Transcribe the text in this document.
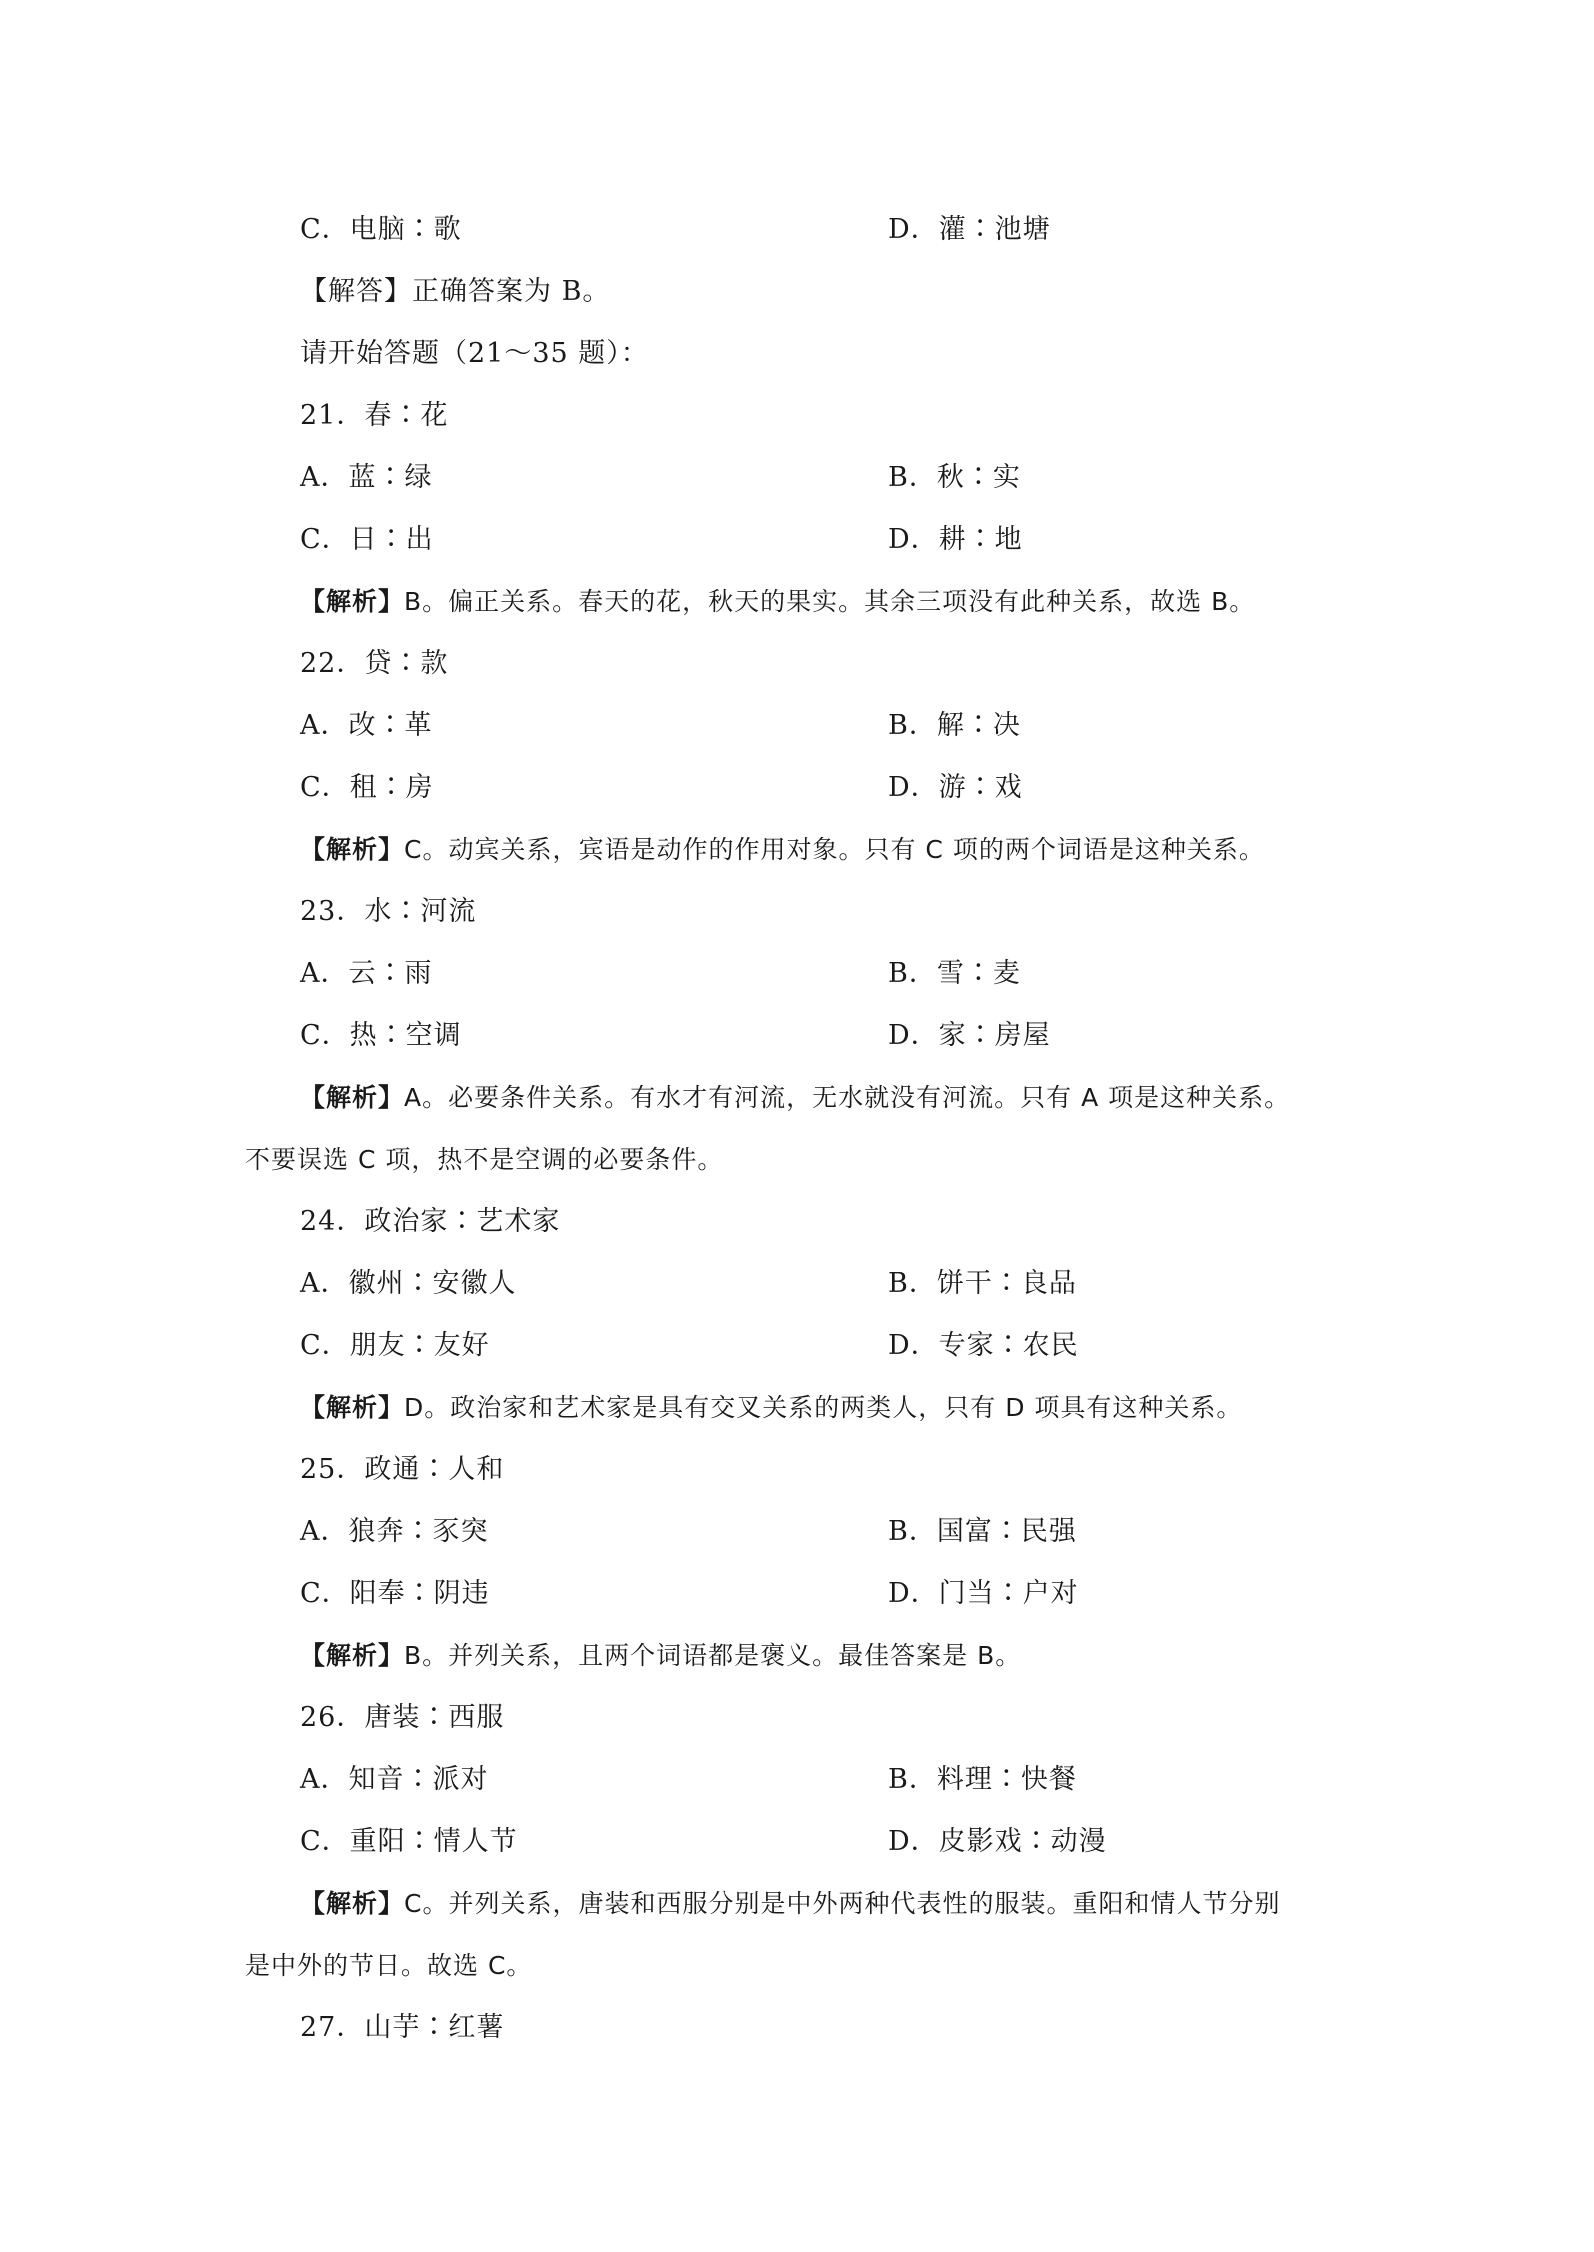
C．电脑∶歌	D．灌∶池塘
【解答】正确答案为 B。
请开始答题（21～35 题）：
21．春∶花
A．蓝∶绿	B．秋∶实
C．日∶出	D．耕∶地
【解析】B。偏正关系。春天的花，秋天的果实。其余三项没有此种关系，故选 B。
22．贷∶款
A．改∶革	B．解∶决
C．租∶房	D．游∶戏
【解析】C。动宾关系，宾语是动作的作用对象。只有 C 项的两个词语是这种关系。
23．水∶河流
A．云∶雨	B．雪∶麦
C．热∶空调	D．家∶房屋
【解析】A。必要条件关系。有水才有河流，无水就没有河流。只有 A 项是这种关系。
不要误选 C 项，热不是空调的必要条件。
24．政治家∶艺术家
A．徽州∶安徽人	B．饼干∶良品
C．朋友∶友好	D．专家∶农民
【解析】D。政治家和艺术家是具有交叉关系的两类人，只有 D 项具有这种关系。
25．政通∶人和
A．狼奔∶豕突	B．国富∶民强
C．阳奉∶阴违	D．门当∶户对
【解析】B。并列关系，且两个词语都是褒义。最佳答案是 B。
26．唐装∶西服
A．知音∶派对	B．料理∶快餐
C．重阳∶情人节	D．皮影戏∶动漫
【解析】C。并列关系，唐装和西服分别是中外两种代表性的服装。重阳和情人节分别
是中外的节日。故选 C。
27．山芋∶红薯
